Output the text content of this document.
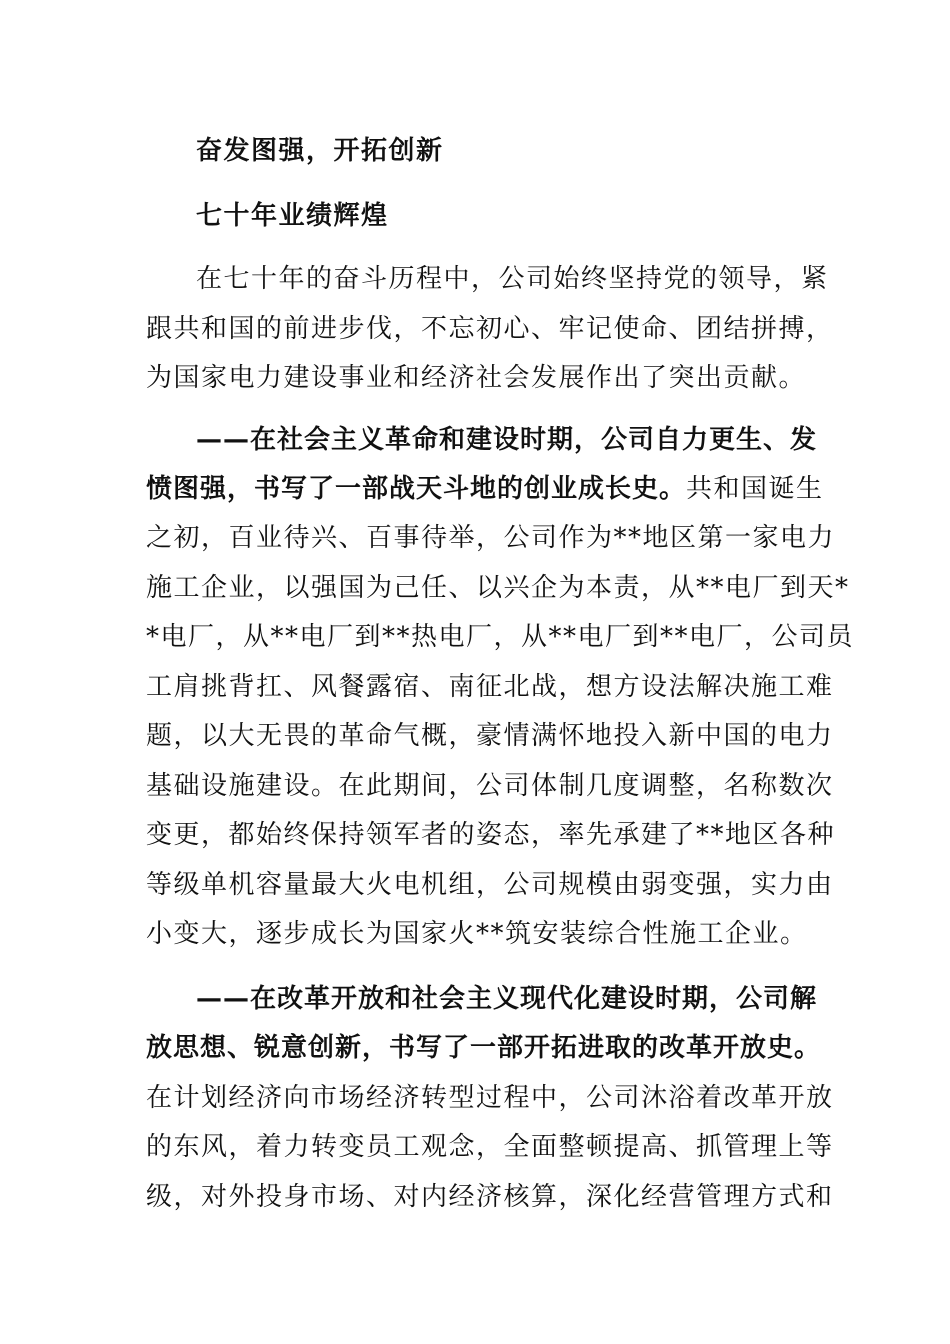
奋发图强，开拓创新
七十年业绩辉煌
在七十年的奋斗历程中，公司始终坚持党的领导，紧
跟共和国的前进步伐，不忘初心、牢记使命、团结拼搏，
为国家电力建设事业和经济社会发展作出了突出贡献。
——在社会主义革命和建设时期，公司自力更生、发
愤图强，书写了一部战天斗地的创业成长史。共和国诞生
之初，百业待兴、百事待举，公司作为**地区第一家电力
施工企业，以强国为己任、以兴企为本责，从**电厂到天*
*电厂，从**电厂到**热电厂，从**电厂到**电厂，公司员
工肩挑背扛、风餐露宿、南征北战，想方设法解决施工难
题，以大无畏的革命气概，豪情满怀地投入新中国的电力
基础设施建设。在此期间，公司体制几度调整，名称数次
变更，都始终保持领军者的姿态，率先承建了**地区各种
等级单机容量最大火电机组，公司规模由弱变强，实力由
小变大，逐步成长为国家火**筑安装综合性施工企业。
——在改革开放和社会主义现代化建设时期，公司解
放思想、锐意创新，书写了一部开拓进取的改革开放史。
在计划经济向市场经济转型过程中，公司沐浴着改革开放
的东风，着力转变员工观念，全面整顿提高、抓管理上等
级，对外投身市场、对内经济核算，深化经营管理方式和
